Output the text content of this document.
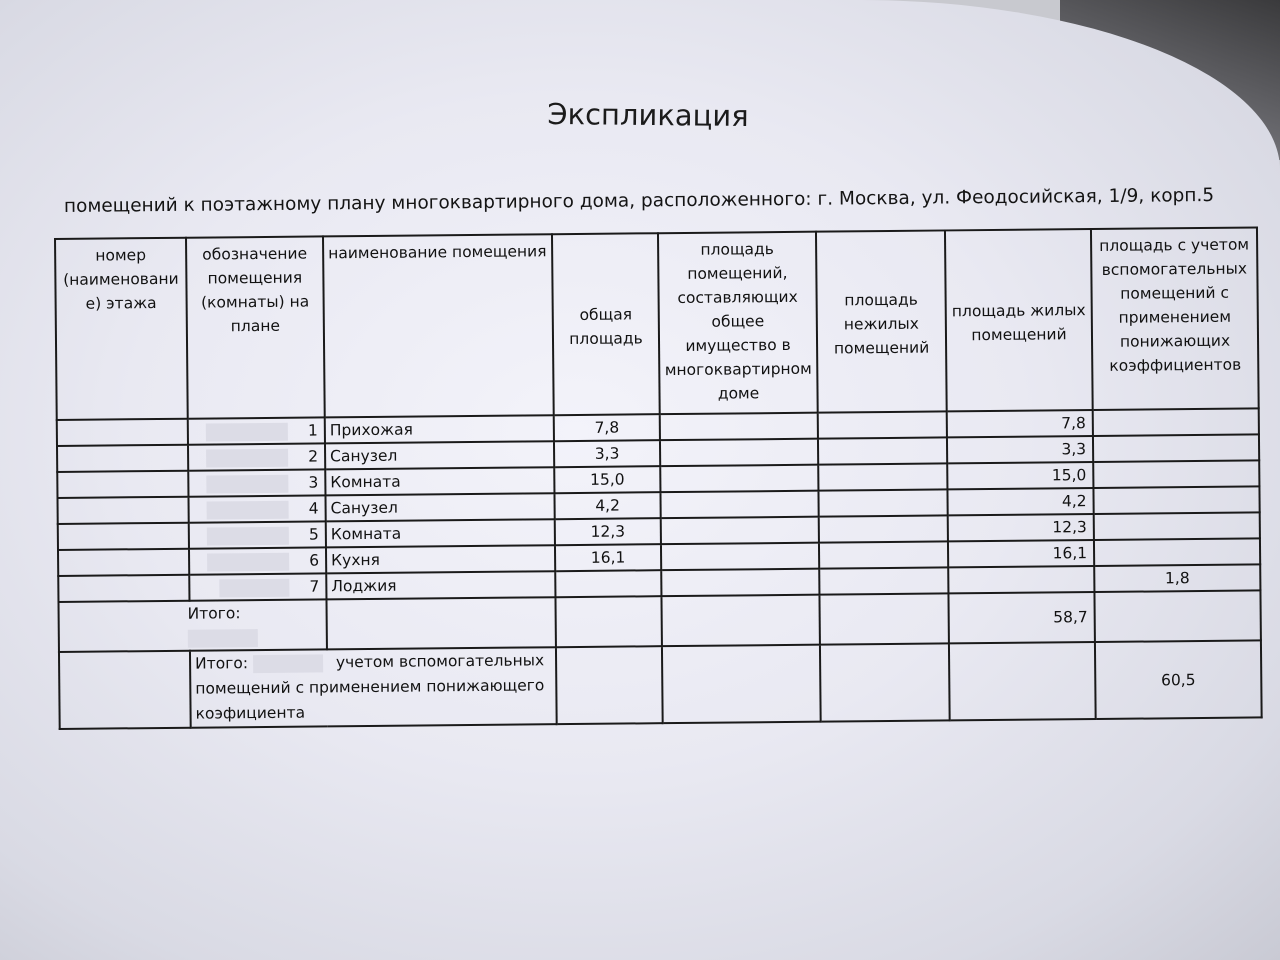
Экспликация
помещений к поэтажному плану многоквартирного дома, расположенного: г. Москва, ул. Феодосийская, 1/9, корп.5
номер (наименовани е) этажа	обозначение помещения (комнаты) на плане	наименование помещения	общая площадь	площадь помещений, составляющих общее имущество в многоквартирном доме	площадь нежилых помещений	площадь жилых помещений	площадь с учетом вспомогательных помещений с применением понижающих коэффициентов
	1	Прихожая	7,8			7,8	
	2	Санузел	3,3			3,3	
	3	Комната	15,0			15,0	
	4	Санузел	4,2			4,2	
	5	Комната	12,3			12,3	
	6	Кухня	16,1			16,1	
	7	Лоджия					1,8
Итого:						58,7	
	Итого: учетом вспомогательных помещений с применением понижающего коэфициента						60,5
